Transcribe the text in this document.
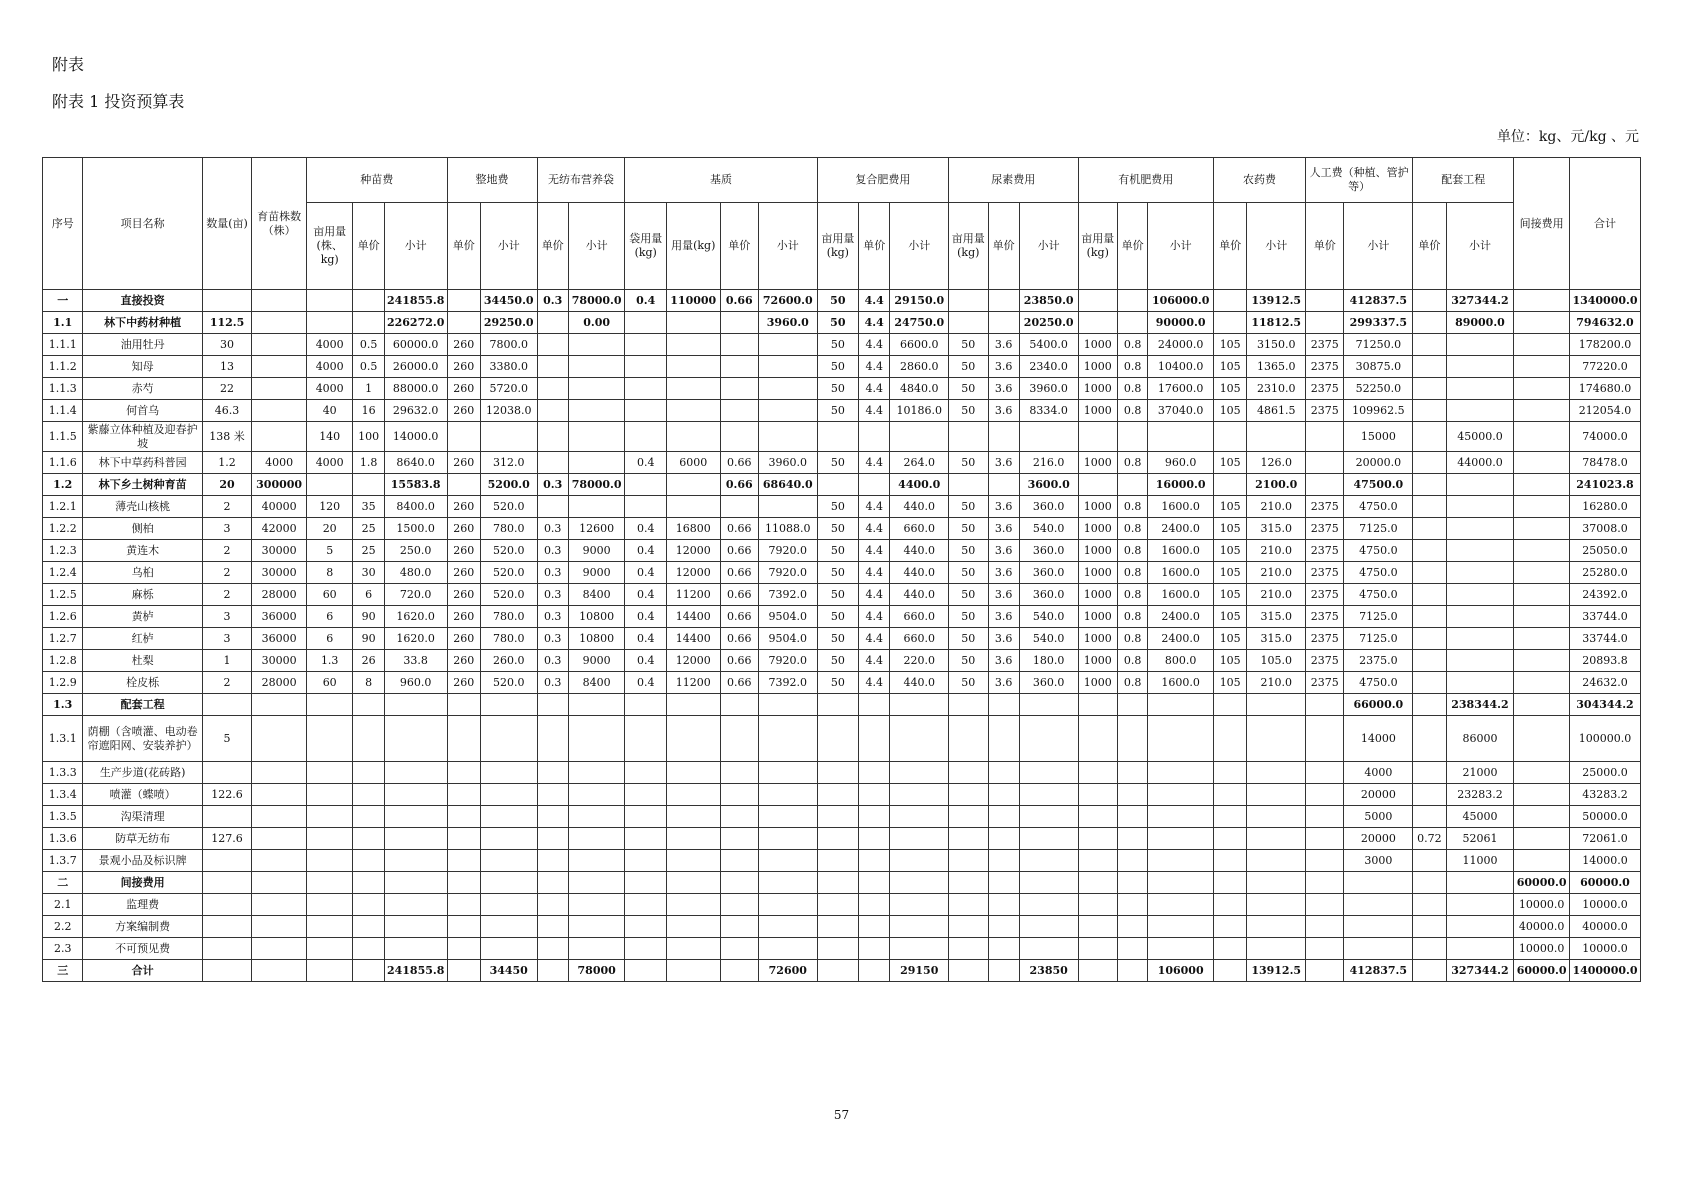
附表
附表 1 投资预算表
单位：kg、元/kg 、元
序号	项目名称	数量(亩)	育苗株数（株）	种苗费			整地费		无纺布营养袋		基质				复合肥费用			尿素费用			有机肥费用			农药费		人工费（种植、管护等）		配套工程		间接费用	合计
				亩用量(株、kg)	单价	小计	单价	小计	单价	小计	袋用量(kg)	用量(kg)	单价	小计	亩用量(kg)	单价	小计	亩用量(kg)	单价	小计	亩用量(kg)	单价	小计	单价	小计	单价	小计	单价	小计		
一	直接投资					241855.8		34450.0	0.3	78000.0	0.4	110000	0.66	72600.0	50	4.4	29150.0			23850.0			106000.0		13912.5		412837.5		327344.2		1340000.0
1.1	林下中药材种植	112.5				226272.0		29250.0		0.00				3960.0	50	4.4	24750.0			20250.0			90000.0		11812.5		299337.5		89000.0		794632.0
1.1.1	油用牡丹	30		4000	0.5	60000.0	260	7800.0							50	4.4	6600.0	50	3.6	5400.0	1000	0.8	24000.0	105	3150.0	2375	71250.0				178200.0
1.1.2	知母	13		4000	0.5	26000.0	260	3380.0							50	4.4	2860.0	50	3.6	2340.0	1000	0.8	10400.0	105	1365.0	2375	30875.0				77220.0
1.1.3	赤芍	22		4000	1	88000.0	260	5720.0							50	4.4	4840.0	50	3.6	3960.0	1000	0.8	17600.0	105	2310.0	2375	52250.0				174680.0
1.1.4	何首乌	46.3		40	16	29632.0	260	12038.0							50	4.4	10186.0	50	3.6	8334.0	1000	0.8	37040.0	105	4861.5	2375	109962.5				212054.0
1.1.5	紫藤立体种植及迎春护坡	138 米		140	100	14000.0																					15000		45000.0		74000.0
1.1.6	林下中草药科普园	1.2	4000	4000	1.8	8640.0	260	312.0			0.4	6000	0.66	3960.0	50	4.4	264.0	50	3.6	216.0	1000	0.8	960.0	105	126.0		20000.0		44000.0		78478.0
1.2	林下乡土树种育苗	20	300000			15583.8		5200.0	0.3	78000.0			0.66	68640.0			4400.0			3600.0			16000.0		2100.0		47500.0				241023.8
1.2.1	薄壳山核桃	2	40000	120	35	8400.0	260	520.0							50	4.4	440.0	50	3.6	360.0	1000	0.8	1600.0	105	210.0	2375	4750.0				16280.0
1.2.2	侧柏	3	42000	20	25	1500.0	260	780.0	0.3	12600	0.4	16800	0.66	11088.0	50	4.4	660.0	50	3.6	540.0	1000	0.8	2400.0	105	315.0	2375	7125.0				37008.0
1.2.3	黄连木	2	30000	5	25	250.0	260	520.0	0.3	9000	0.4	12000	0.66	7920.0	50	4.4	440.0	50	3.6	360.0	1000	0.8	1600.0	105	210.0	2375	4750.0				25050.0
1.2.4	乌桕	2	30000	8	30	480.0	260	520.0	0.3	9000	0.4	12000	0.66	7920.0	50	4.4	440.0	50	3.6	360.0	1000	0.8	1600.0	105	210.0	2375	4750.0				25280.0
1.2.5	麻栎	2	28000	60	6	720.0	260	520.0	0.3	8400	0.4	11200	0.66	7392.0	50	4.4	440.0	50	3.6	360.0	1000	0.8	1600.0	105	210.0	2375	4750.0				24392.0
1.2.6	黄栌	3	36000	6	90	1620.0	260	780.0	0.3	10800	0.4	14400	0.66	9504.0	50	4.4	660.0	50	3.6	540.0	1000	0.8	2400.0	105	315.0	2375	7125.0				33744.0
1.2.7	红栌	3	36000	6	90	1620.0	260	780.0	0.3	10800	0.4	14400	0.66	9504.0	50	4.4	660.0	50	3.6	540.0	1000	0.8	2400.0	105	315.0	2375	7125.0				33744.0
1.2.8	杜梨	1	30000	1.3	26	33.8	260	260.0	0.3	9000	0.4	12000	0.66	7920.0	50	4.4	220.0	50	3.6	180.0	1000	0.8	800.0	105	105.0	2375	2375.0				20893.8
1.2.9	栓皮栎	2	28000	60	8	960.0	260	520.0	0.3	8400	0.4	11200	0.66	7392.0	50	4.4	440.0	50	3.6	360.0	1000	0.8	1600.0	105	210.0	2375	4750.0				24632.0
1.3	配套工程																										66000.0		238344.2		304344.2
1.3.1	荫棚（含喷灌、电动卷帘遮阳网、安装养护）	5																									14000		86000		100000.0
1.3.3	生产步道(花砖路)																										4000		21000		25000.0
1.3.4	喷灌（蝶喷）	122.6																									20000		23283.2		43283.2
1.3.5	沟渠清理																										5000		45000		50000.0
1.3.6	防草无纺布	127.6																									20000	0.72	52061		72061.0
1.3.7	景观小品及标识牌																										3000		11000		14000.0
二	间接费用																													60000.0	60000.0
2.1	监理费																													10000.0	10000.0
2.2	方案编制费																													40000.0	40000.0
2.3	不可预见费																													10000.0	10000.0
三	合计					241855.8		34450		78000				72600			29150			23850			106000		13912.5		412837.5		327344.2	60000.0	1400000.0
57
